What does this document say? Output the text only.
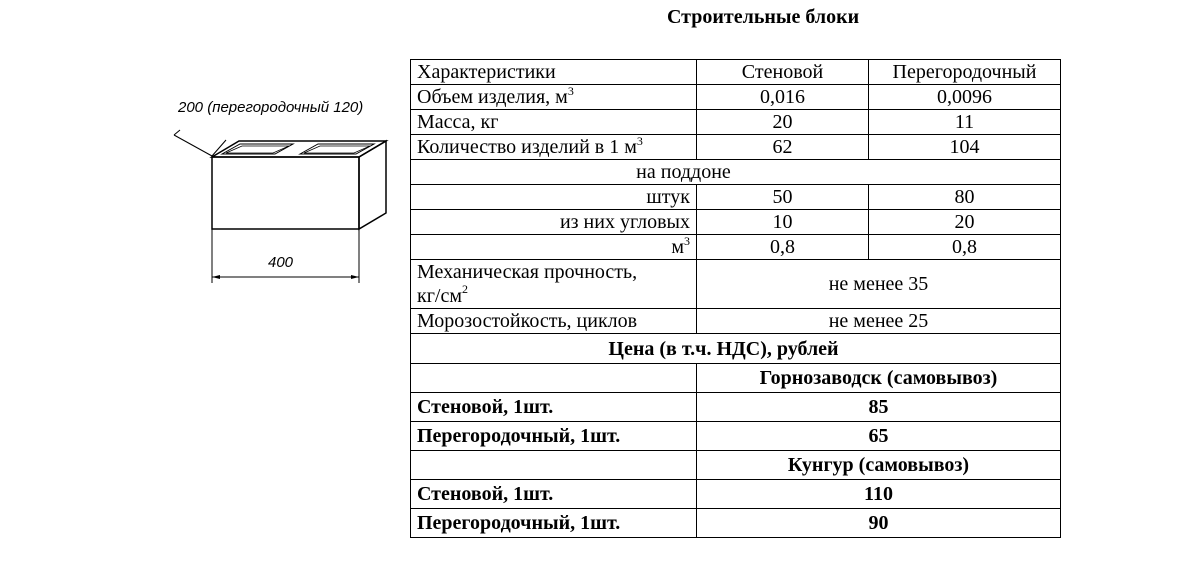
Строительные блоки
200 (перегородочный 120)
400
Характеристики	Стеновой	Перегородочный
Объем изделия, $м^3$	0,016	0,0096
Масса, кг	20	11
Количество изделий в 1 $м^3$	62	104
на поддоне		
штук	50	80
из них угловых	10	20
$м^3$	0,8	0,8
Механическая прочность,
$кг/см^2$	не менее 35	
Морозостойкость, циклов	не менее 25	
Цена (в т.ч. НДС), рублей		
	Горнозаводск (самовывоз)	
Стеновой, 1шт.	85	
Перегородочный, 1шт.	65	
	Кунгур (самовывоз)	
Стеновой, 1шт.	110	
Перегородочный, 1шт.	90	
